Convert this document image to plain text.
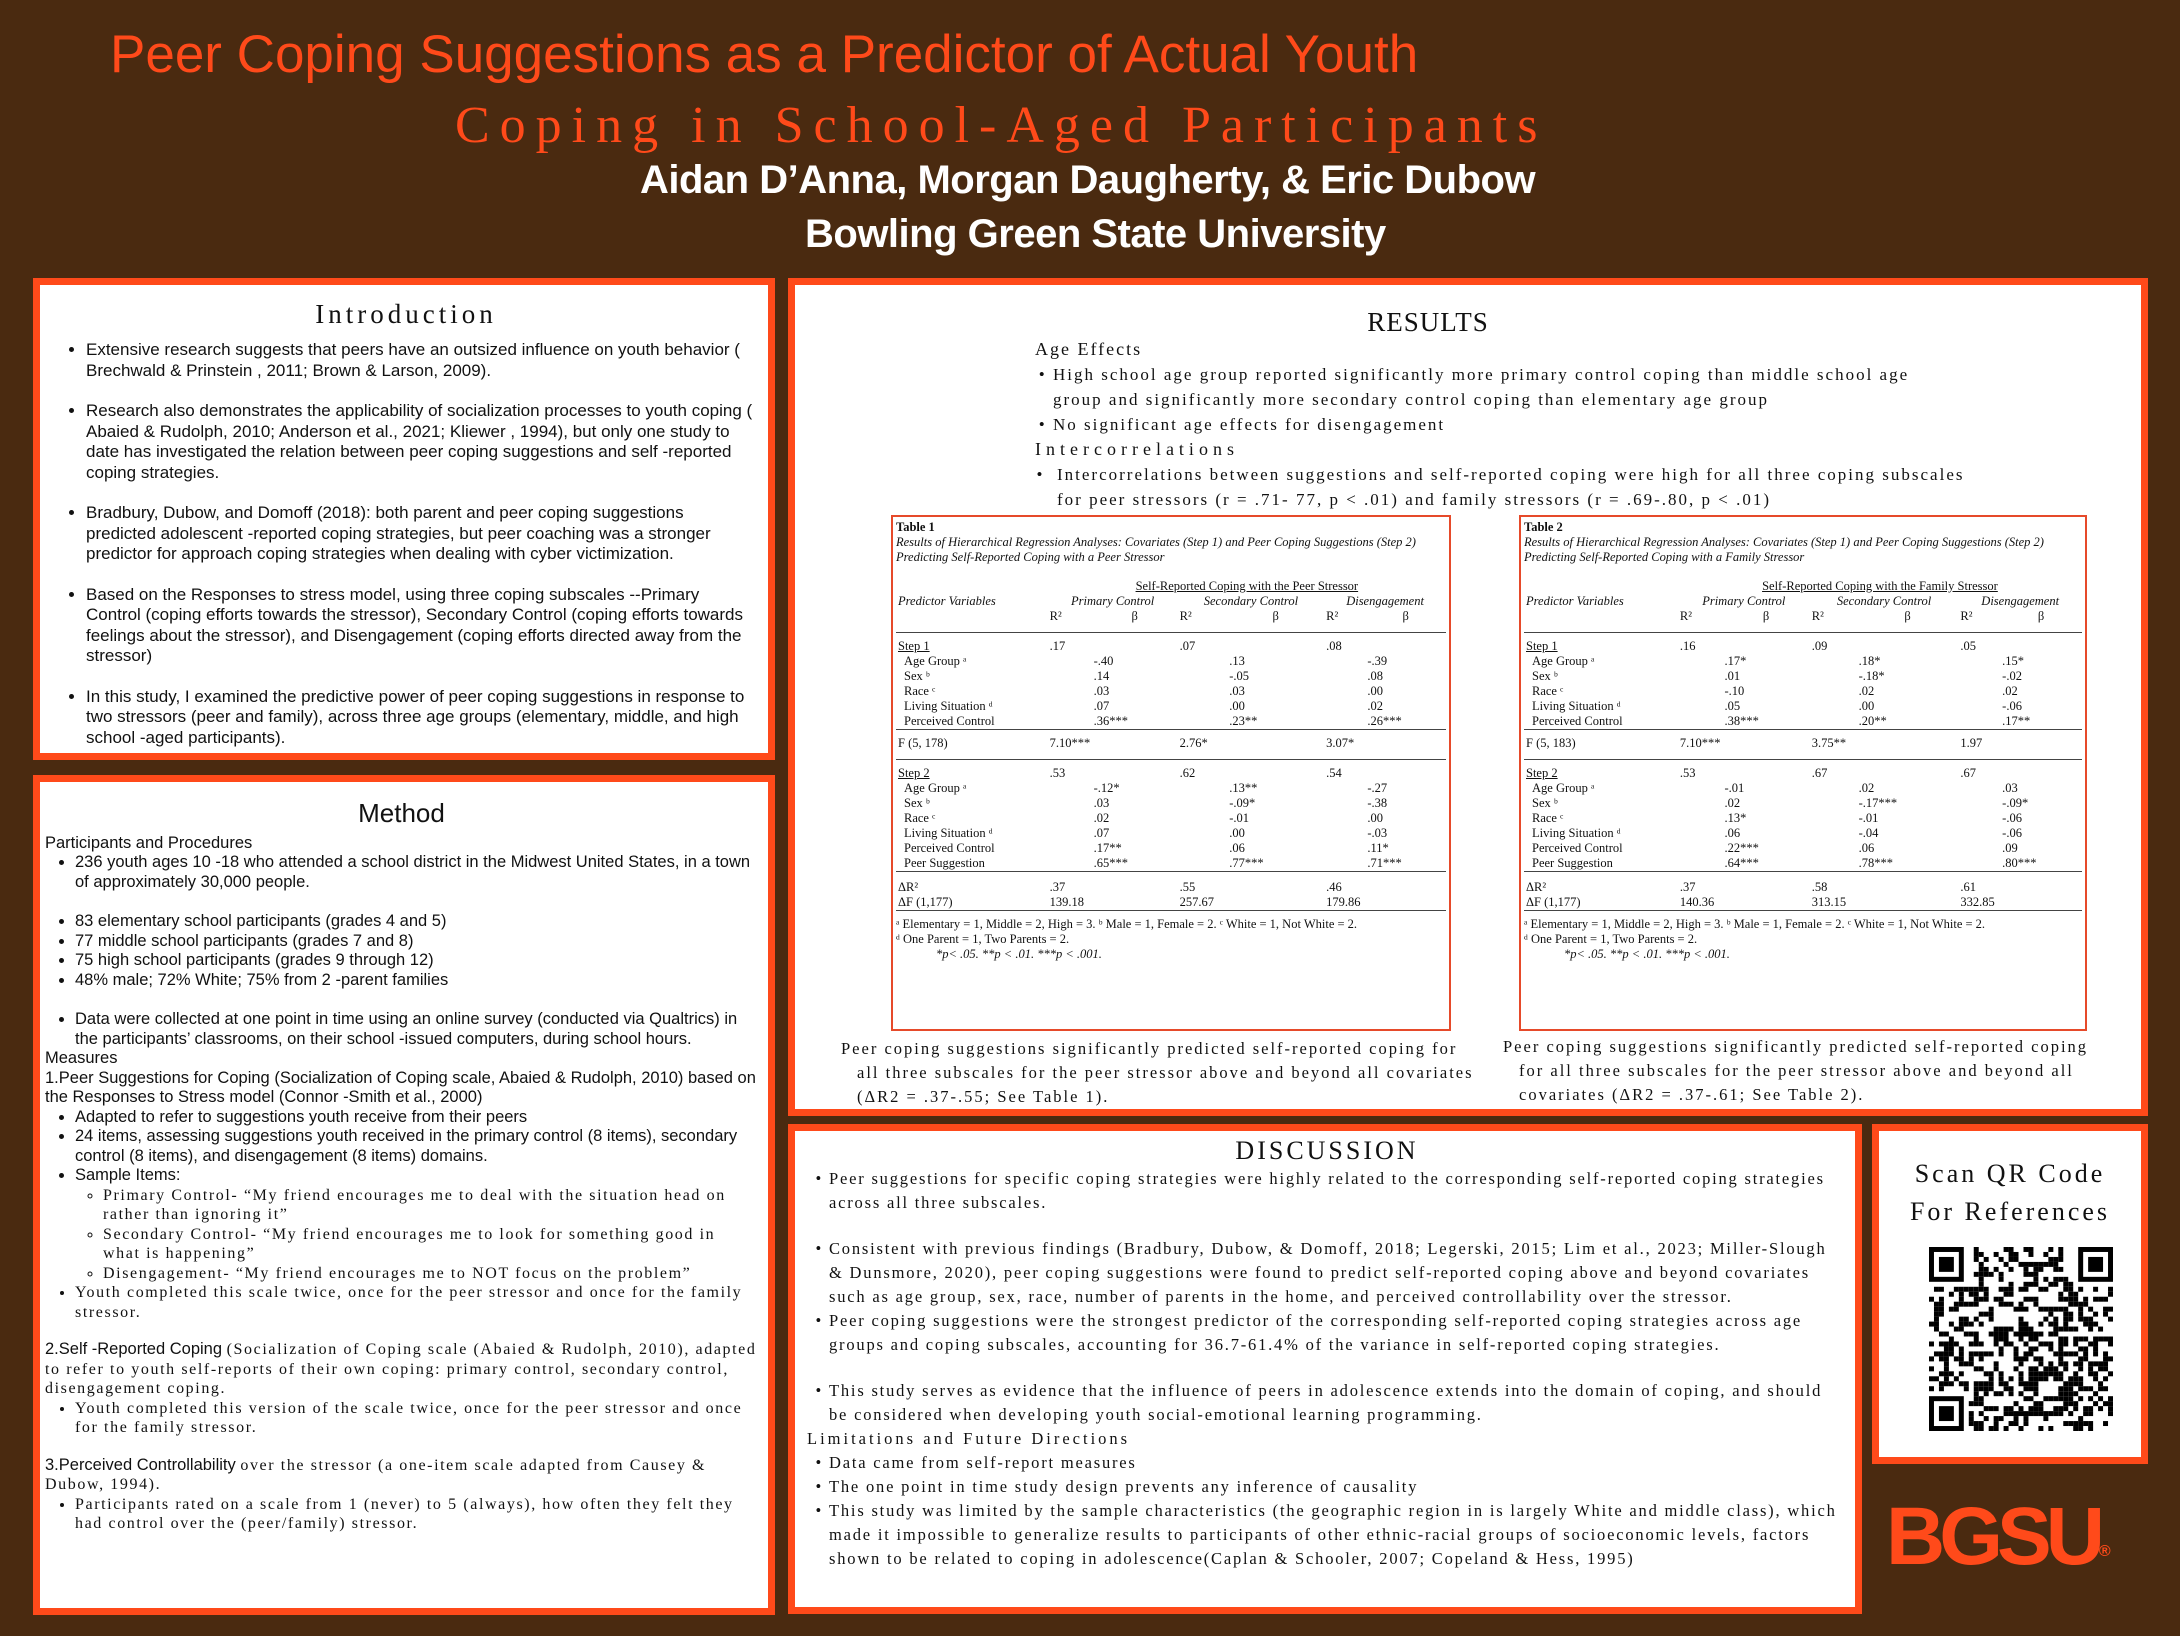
Peer Coping Suggestions as a Predictor of Actual Youth
Coping in School-Aged Participants
Aidan D’Anna, Morgan Daugherty, & Eric Dubow
Bowling Green State University
Introduction
• Extensive research suggests that peers have an outsized influence on youth behavior ( Brechwald & Prinstein , 2011; Brown & Larson, 2009).
• Research also demonstrates the applicability of socialization processes to youth coping ( Abaied & Rudolph, 2010; Anderson et al., 2021; Kliewer , 1994), but only one study to date has investigated the relation between peer coping suggestions and self -reported coping strategies.
• Bradbury, Dubow, and Domoff (2018): both parent and peer coping suggestions predicted adolescent -reported coping strategies, but peer coaching was a stronger predictor for approach coping strategies when dealing with cyber victimization.
• Based on the Responses to stress model, using three coping subscales --Primary Control (coping efforts towards the stressor), Secondary Control (coping efforts towards feelings about the stressor), and Disengagement (coping efforts directed away from the stressor)
• In this study, I examined the predictive power of peer coping suggestions in response to two stressors (peer and family), across three age groups (elementary, middle, and high school -aged participants).
Method
Participants and Procedures
• 236 youth ages 10 -18 who attended a school district in the Midwest United States, in a town of approximately 30,000 people.
• 83 elementary school participants (grades 4 and 5)
• 77 middle school participants (grades 7 and 8)
• 75 high school participants (grades 9 through 12)
• 48% male; 72% White; 75% from 2 -parent families
• Data were collected at one point in time using an online survey (conducted via Qualtrics) in the participants’ classrooms, on their school -issued computers, during school hours.
Measures
1.Peer Suggestions for Coping (Socialization of Coping scale, Abaied & Rudolph, 2010) based on the Responses to Stress model (Connor -Smith et al., 2000)
• Adapted to refer to suggestions youth receive from their peers
• 24 items, assessing suggestions youth received in the primary control (8 items), secondary control (8 items), and disengagement (8 items) domains.
• Sample Items:
◦ Primary Control- “My friend encourages me to deal with the situation head on rather than ignoring it”
◦ Secondary Control- “My friend encourages me to look for something good in what is happening”
◦ Disengagement- “My friend encourages me to NOT focus on the problem”
• Youth completed this scale twice, once for the peer stressor and once for the family stressor.
2.Self -Reported Coping (Socialization of Coping scale (Abaied & Rudolph, 2010), adapted to refer to youth self-reports of their own coping: primary control, secondary control, disengagement coping.
• Youth completed this version of the scale twice, once for the peer stressor and once for the family stressor.
3.Perceived Controllability over the stressor (a one-item scale adapted from Causey & Dubow, 1994).
• Participants rated on a scale from 1 (never) to 5 (always), how often they felt they had control over the (peer/family) stressor.
RESULTS
Age Effects
• High school age group reported significantly more primary control coping than middle school age group and significantly more secondary control coping than elementary age group
• No significant age effects for disengagement
Intercorrelations
• Intercorrelations between suggestions and self-reported coping were high for all three coping subscales for peer stressors (r = .71- 77, p < .01) and family stressors (r = .69-.80, p < .01)
Table 1
Results of Hierarchical Regression Analyses: Covariates (Step 1) and Peer Coping Suggestions (Step 2) Predicting Self-Reported Coping with a Peer Stressor
	Self-Reported Coping with the Peer Stressor					
Predictor Variables	Primary Control		Secondary Control		Disengagement	
	R²	β	R²	β	R²	β
Step 1	.17		.07		.08	
Age Group ᵃ		-.40		.13		-.39
Sex ᵇ		.14		-.05		.08
Race ᶜ		.03		.03		.00
Living Situation ᵈ		.07		.00		.02
Perceived Control		.36***		.23**		.26***
F (5, 178)	7.10***		2.76*		3.07*	
Step 2	.53		.62		.54	
Age Group ᵃ		-.12*		.13**		-.27
Sex ᵇ		.03		-.09*		-.38
Race ᶜ		.02		-.01		.00
Living Situation ᵈ		.07		.00		-.03
Perceived Control		.17**		.06		.11*
Peer Suggestion		.65***		.77***		.71***
ΔR²	.37		.55		.46	
ΔF (1,177)	139.18		257.67		179.86	

ᵃ Elementary = 1, Middle = 2, High = 3. ᵇ Male = 1, Female = 2. ᶜ White = 1, Not White = 2.
ᵈ One Parent = 1, Two Parents = 2.
*p< .05. **p < .01. ***p < .001.
Peer coping suggestions significantly predicted self-reported coping for all three subscales for the peer stressor above and beyond all covariates (ΔR2 = .37-.55; See Table 1).
Table 2
Results of Hierarchical Regression Analyses: Covariates (Step 1) and Peer Coping Suggestions (Step 2) Predicting Self-Reported Coping with a Family Stressor
	Self-Reported Coping with the Family Stressor					
Predictor Variables	Primary Control		Secondary Control		Disengagement	
	R²	β	R²	β	R²	β
Step 1	.16		.09		.05	
Age Group ᵃ		.17*		.18*		.15*
Sex ᵇ		.01		-.18*		-.02
Race ᶜ		-.10		.02		.02
Living Situation ᵈ		.05		.00		-.06
Perceived Control		.38***		.20**		.17**
F (5, 183)	7.10***		3.75**		1.97	
Step 2	.53		.67		.67	
Age Group ᵃ		-.01		.02		.03
Sex ᵇ		.02		-.17***		-.09*
Race ᶜ		.13*		-.01		-.06
Living Situation ᵈ		.06		-.04		-.06
Perceived Control		.22***		.06		.09
Peer Suggestion		.64***		.78***		.80***
ΔR²	.37		.58		.61	
ΔF (1,177)	140.36		313.15		332.85	

ᵃ Elementary = 1, Middle = 2, High = 3. ᵇ Male = 1, Female = 2. ᶜ White = 1, Not White = 2.
ᵈ One Parent = 1, Two Parents = 2.
*p< .05. **p < .01. ***p < .001.
Peer coping suggestions significantly predicted self-reported coping for all three subscales for the peer stressor above and beyond all covariates (ΔR2 = .37-.61; See Table 2).
DISCUSSION
• Peer suggestions for specific coping strategies were highly related to the corresponding self-reported coping strategies across all three subscales.
• Consistent with previous findings (Bradbury, Dubow, & Domoff, 2018; Legerski, 2015; Lim et al., 2023; Miller-Slough & Dunsmore, 2020), peer coping suggestions were found to predict self-reported coping above and beyond covariates such as age group, sex, race, number of parents in the home, and perceived controllability over the stressor.
• Peer coping suggestions were the strongest predictor of the corresponding self-reported coping strategies across age groups and coping subscales, accounting for 36.7-61.4% of the variance in self-reported coping strategies.
• This study serves as evidence that the influence of peers in adolescence extends into the domain of coping, and should be considered when developing youth social-emotional learning programming.
Limitations and Future Directions
• Data came from self-report measures
• The one point in time study design prevents any inference of causality
• This study was limited by the sample characteristics (the geographic region in is largely White and middle class), which made it impossible to generalize results to participants of other ethnic-racial groups of socioeconomic levels, factors shown to be related to coping in adolescence(Caplan & Schooler, 2007; Copeland & Hess, 1995)
Scan QR Code
For References
BGSU®
